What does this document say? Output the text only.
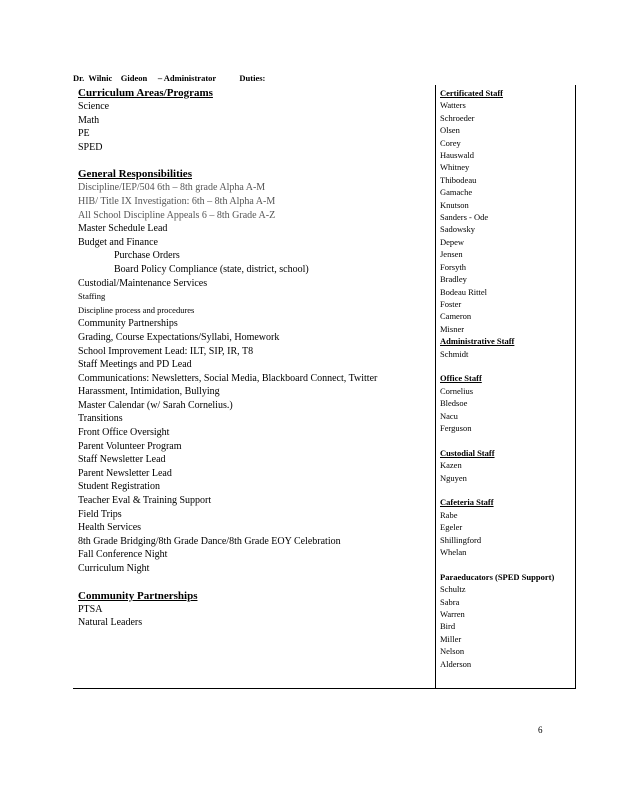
Dr.  Wilnic    Gideon     – Administrator           Duties:
Curriculum Areas/Programs
Science
Math
PE
SPED
General Responsibilities
Discipline/IEP/504 6th – 8th grade Alpha A-M
HIB/ Title IX Investigation: 6th – 8th Alpha A-M
All School Discipline Appeals 6 – 8th Grade A-Z
Master Schedule Lead
Budget and Finance
Purchase Orders
Board Policy Compliance (state, district, school)
Custodial/Maintenance Services
Staffing
Discipline process and procedures
Community Partnerships
Grading, Course Expectations/Syllabi, Homework
School Improvement Lead: ILT, SIP, IR, T8
Staff Meetings and PD Lead
Communications: Newsletters, Social Media, Blackboard Connect, Twitter
Harassment, Intimidation, Bullying
Master Calendar (w/ Sarah Cornelius.)
Transitions
Front Office Oversight
Parent Volunteer Program
Staff Newsletter Lead
Parent Newsletter Lead
Student Registration
Teacher Eval & Training Support
Field Trips
Health Services
8th Grade Bridging/8th Grade Dance/8th Grade EOY Celebration
Fall Conference Night
Curriculum Night
Community Partnerships
PTSA
Natural Leaders
Certificated Staff
Watters
Schroeder
Olsen
Corey
Hauswald
Whitney
Thibodeau
Gamache
Knutson
Sanders - Ode
Sadowsky
Depew
Jensen
Forsyth
Bradley
Bodeau Rittel
Foster
Cameron
Misner
Administrative Staff
Schmidt
Office Staff
Cornelius
Bledsoe
Nacu
Ferguson
Custodial Staff
Kazen
Nguyen
Cafeteria Staff
Rabe
Egeler
Shillingford
Whelan
Paraeducators (SPED Support)
Schultz
Sabra
Warren
Bird
Miller
Nelson
Alderson
6
